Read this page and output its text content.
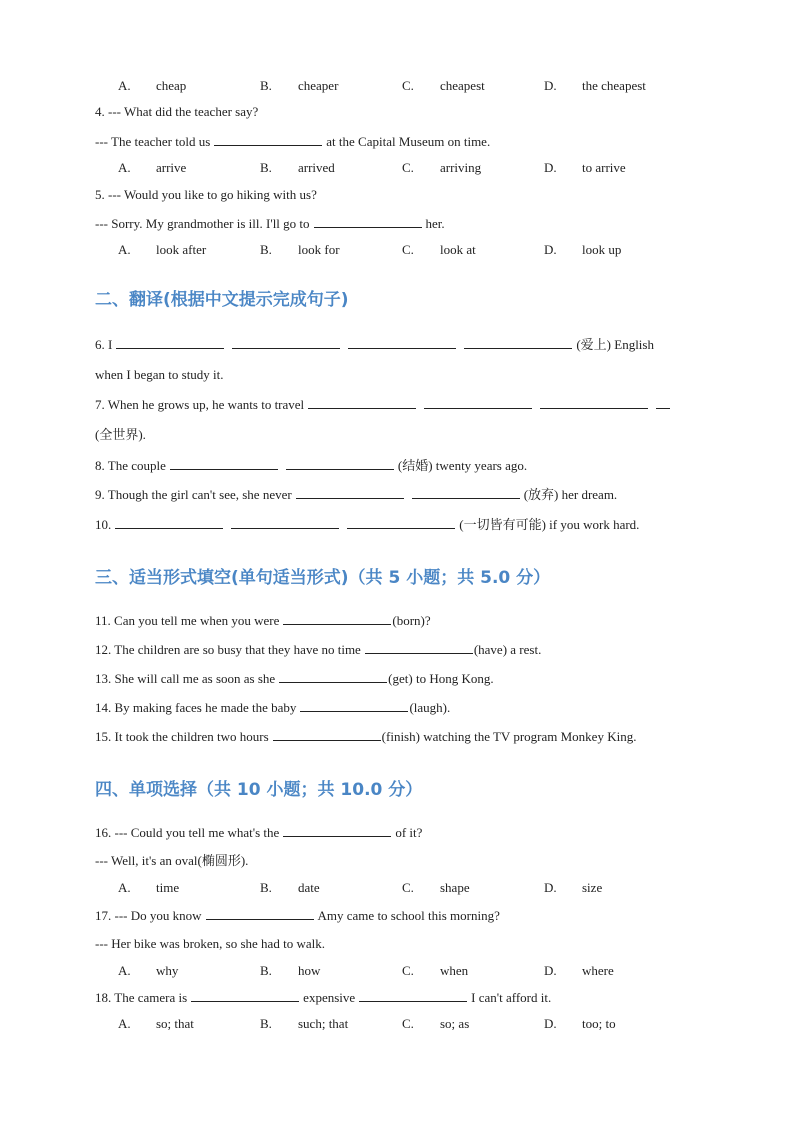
A. cheap	B. cheaper	C. cheapest	D. the cheapest
4. --- What did the teacher say?
--- The teacher told us	at the Capital Museum on time.
A. arrive	B. arrived	C. arriving	D. to arrive
5. --- Would you like to go hiking with us?
--- Sorry. My grandmother is ill. I'll go to	her.
A. look after	B. look for	C. look at	D. look up
二、翻译(根据中文提示完成句子)
6. I	(爱上) English
when I began to study it.
7. When he grows up, he wants to travel
(全世界).
8. The couple	(结婚) twenty years ago.
9. Though the girl can't see, she never	(放弃) her dream.
10.	(一切皆有可能) if you work hard.
三、适当形式填空(单句适当形式)（共 5 小题；共 5.0 分）
11. Can you tell me when you were	(born)?
12. The children are so busy that they have no time	(have) a rest.
13. She will call me as soon as she	(get) to Hong Kong.
14. By making faces he made the baby	(laugh).
15. It took the children two hours	(finish) watching the TV program Monkey King.
四、单项选择（共 10 小题；共 10.0 分）
16. --- Could you tell me what's the	of it?
--- Well, it's an oval(椭圆形).
A. time	B. date	C. shape	D. size
17. --- Do you know	Amy came to school this morning?
--- Her bike was broken, so she had to walk.
A. why	B. how	C. when	D. where
18. The camera is	expensive	I can't afford it.
A. so; that	B. such; that	C. so; as	D. too; to
